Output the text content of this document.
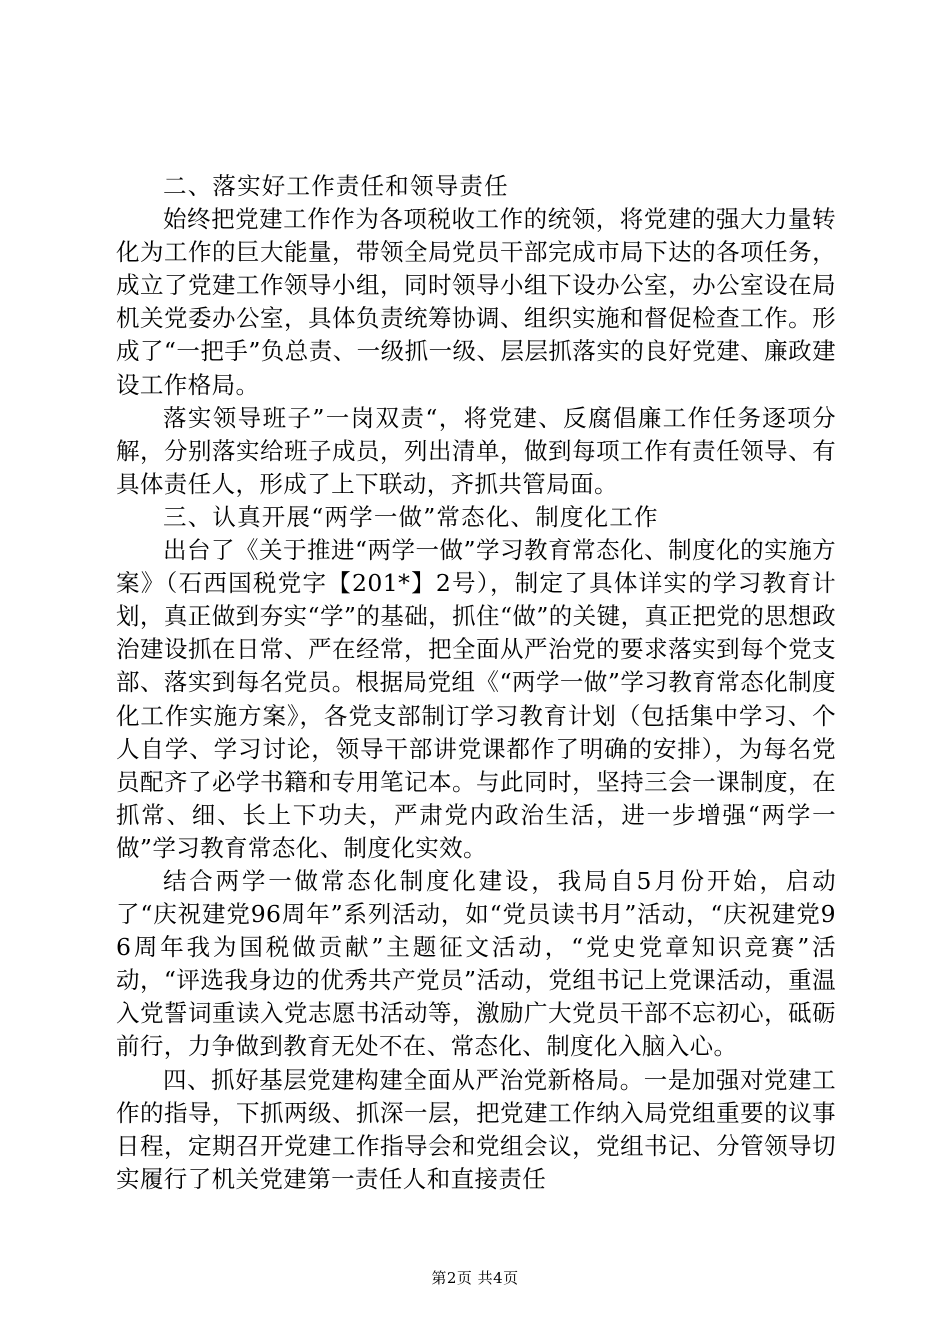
二、落实好工作责任和领导责任

始终把党建工作作为各项税收工作的统领，将党建的强大力量转化为工作的巨大能量，带领全局党员干部完成市局下达的各项任务，成立了党建工作领导小组，同时领导小组下设办公室，办公室设在局机关党委办公室，具体负责统筹协调、组织实施和督促检查工作。形成了“一把手”负总责、一级抓一级、层层抓落实的良好党建、廉政建设工作格局。

落实领导班子”一岗双责“，将党建、反腐倡廉工作任务逐项分解，分别落实给班子成员，列出清单，做到每项工作有责任领导、有具体责任人，形成了上下联动，齐抓共管局面。

三、认真开展“两学一做”常态化、制度化工作

出台了《关于推进“两学一做”学习教育常态化、制度化的实施方案》（石西国税党字【201*】2号），制定了具体详实的学习教育计划，真正做到夯实“学”的基础，抓住“做”的关键，真正把党的思想政治建设抓在日常、严在经常，把全面从严治党的要求落实到每个党支部、落实到每名党员。根据局党组《“两学一做”学习教育常态化制度化工作实施方案》，各党支部制订学习教育计划（包括集中学习、个人自学、学习讨论，领导干部讲党课都作了明确的安排），为每名党员配齐了必学书籍和专用笔记本。与此同时，坚持三会一课制度，在抓常、细、长上下功夫，严肃党内政治生活，进一步增强“两学一做”学习教育常态化、制度化实效。

结合两学一做常态化制度化建设，我局自5月份开始，启动了“庆祝建党96周年”系列活动，如“党员读书月”活动，“庆祝建党96周年我为国税做贡献”主题征文活动，“党史党章知识竞赛”活动，“评选我身边的优秀共产党员”活动，党组书记上党课活动，重温入党誓词重读入党志愿书活动等，激励广大党员干部不忘初心，砥砺前行，力争做到教育无处不在、常态化、制度化入脑入心。

四、抓好基层党建构建全面从严治党新格局。一是加强对党建工作的指导，下抓两级、抓深一层，把党建工作纳入局党组重要的议事日程，定期召开党建工作指导会和党组会议，党组书记、分管领导切实履行了机关党建第一责任人和直接责任

第2页 共4页
